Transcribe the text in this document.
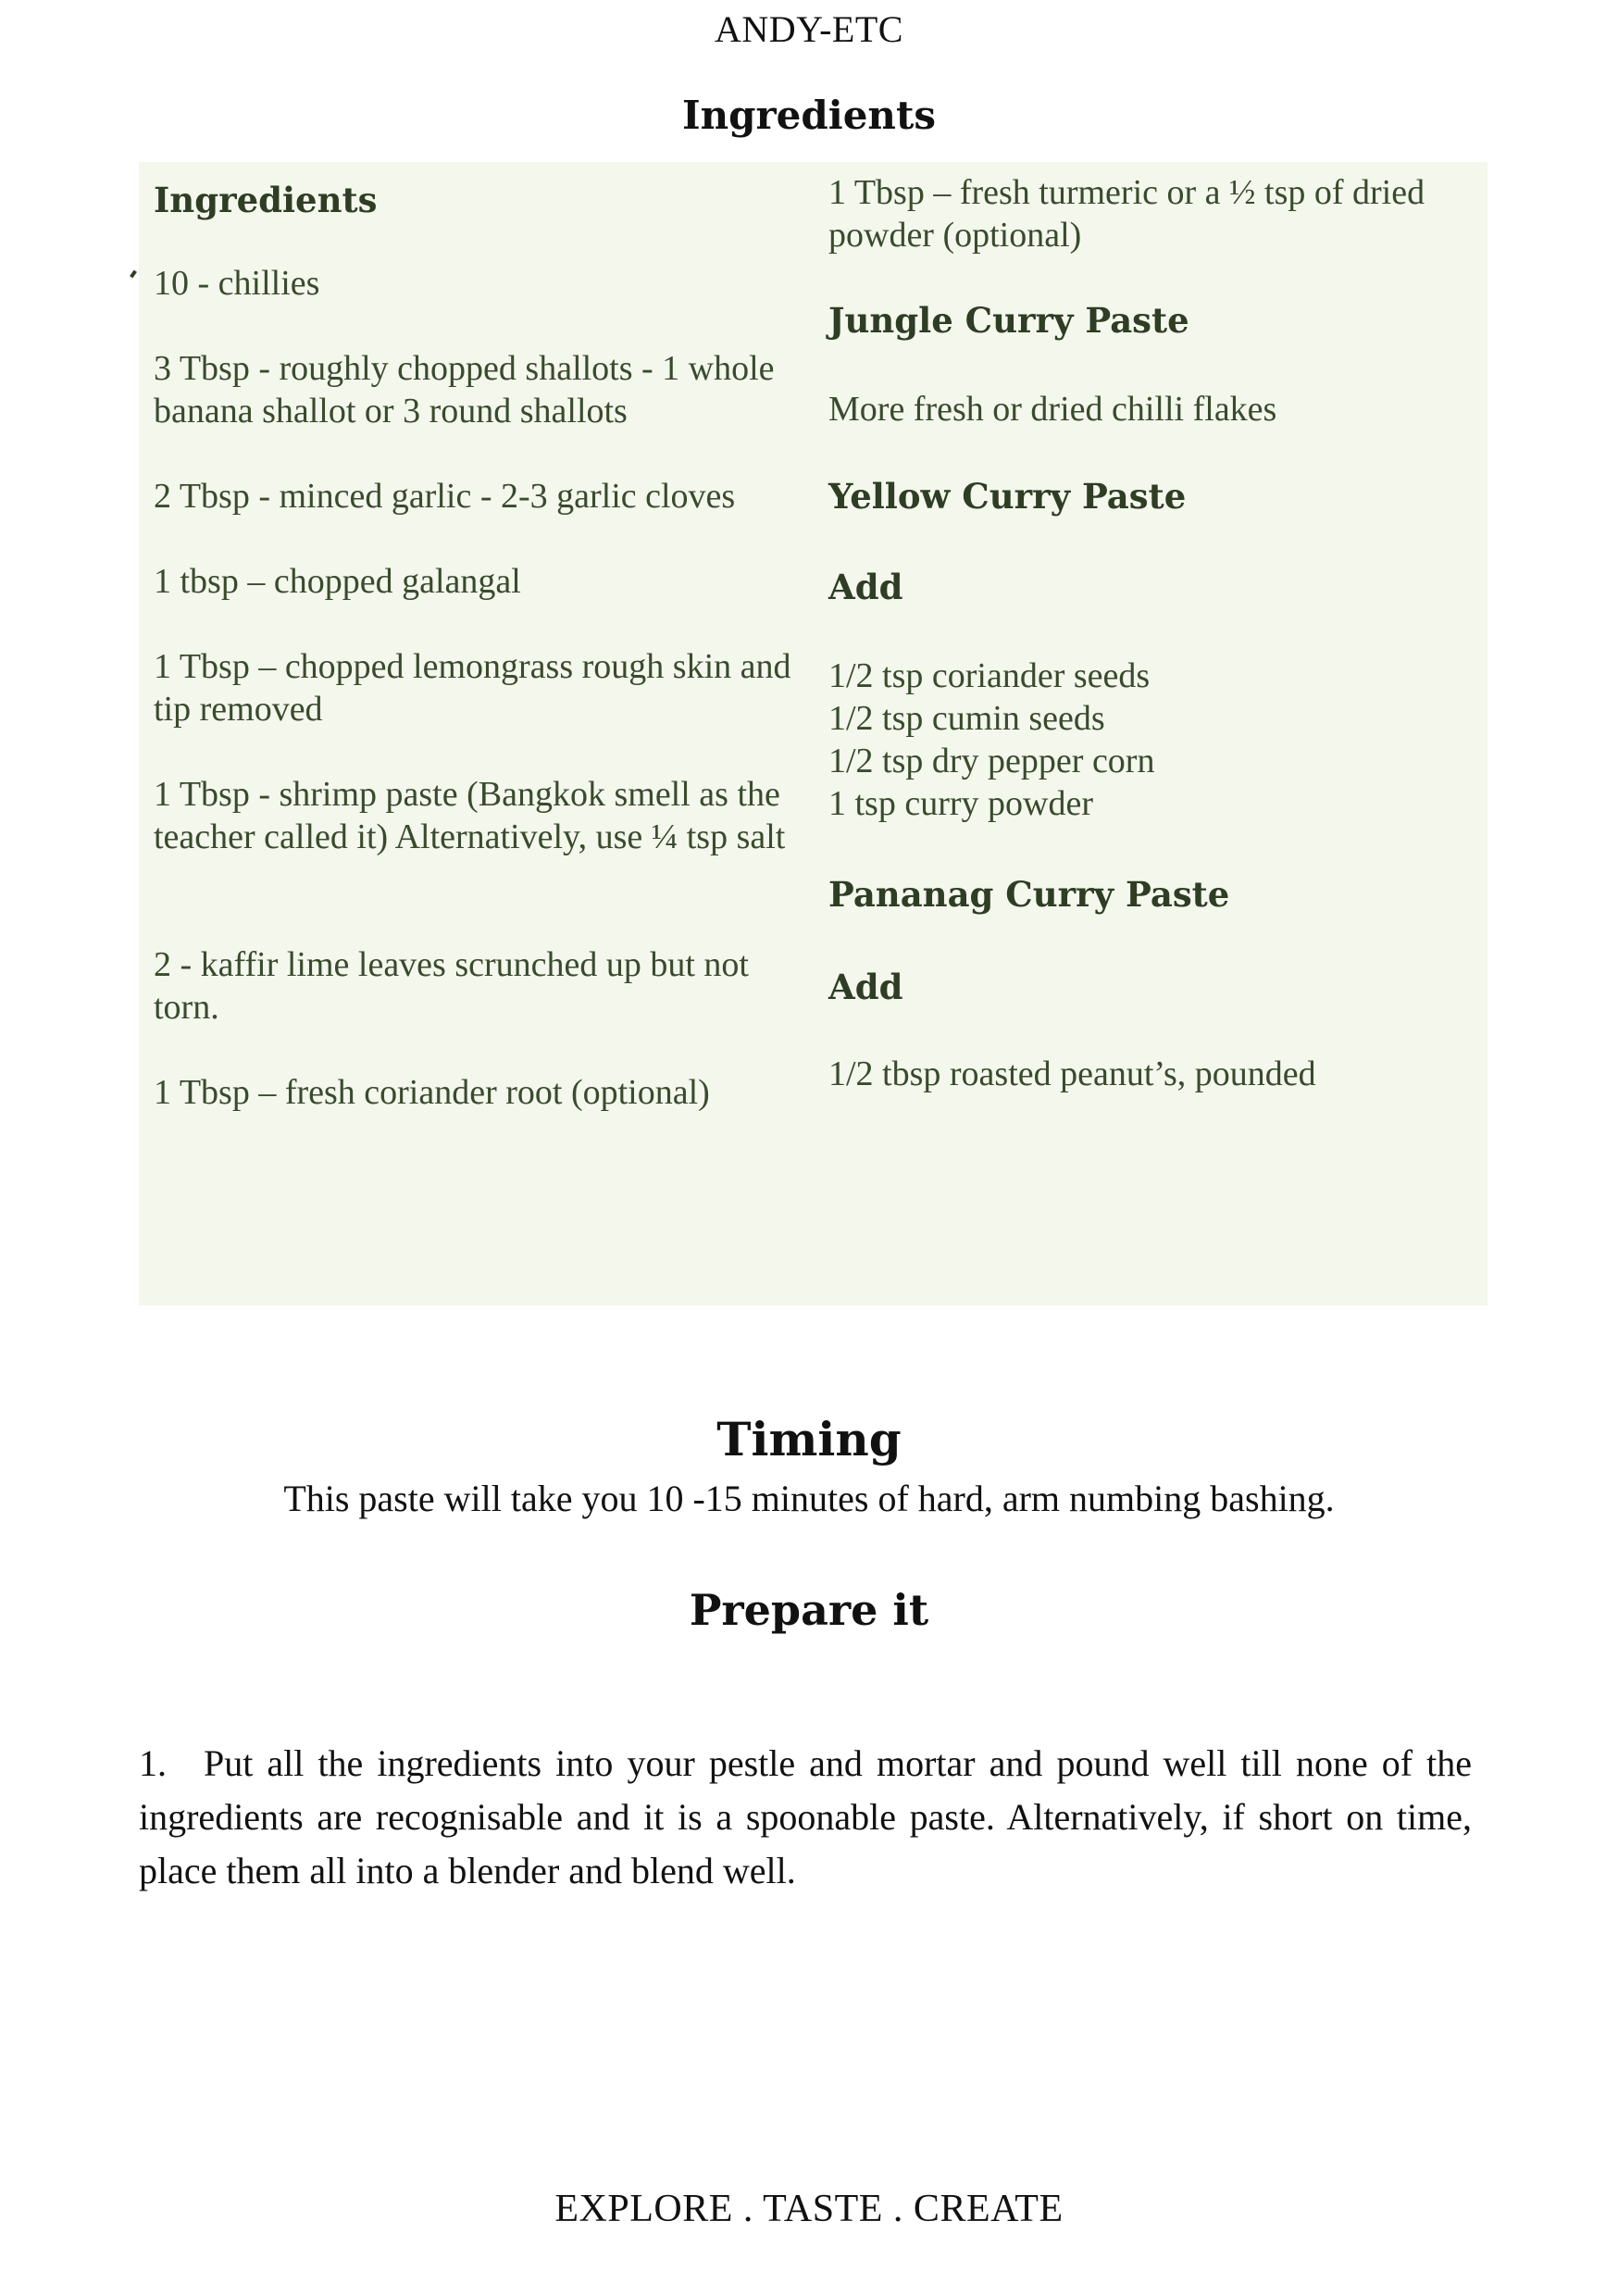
ANDY-ETC
Ingredients
Ingredients
10 - chillies
3 Tbsp - roughly chopped shallots - 1 whole banana shallot or 3 round shallots
2 Tbsp - minced garlic - 2-3 garlic cloves
1 tbsp – chopped galangal
1 Tbsp – chopped lemongrass rough skin and tip removed
1 Tbsp - shrimp paste (Bangkok smell as the teacher called it) Alternatively, use ¼ tsp salt
2 - kaffir lime leaves scrunched up but not torn.
1 Tbsp – fresh coriander root (optional)
1 Tbsp – fresh turmeric or a ½ tsp of dried powder (optional)
Jungle Curry Paste
More fresh or dried chilli flakes
Yellow Curry Paste
Add
1/2 tsp coriander seeds
1/2 tsp cumin seeds
1/2 tsp dry pepper corn
1 tsp curry powder
Pananag Curry Paste
Add
1/2 tbsp roasted peanut’s, pounded
Timing
This paste will take you 10 -15 minutes of hard, arm numbing bashing.
Prepare it
1. Put all the ingredients into your pestle and mortar and pound well till none of the ingredients are recognisable and it is a spoonable paste. Alternatively, if short on time, place them all into a blender and blend well.
EXPLORE . TASTE . CREATE
